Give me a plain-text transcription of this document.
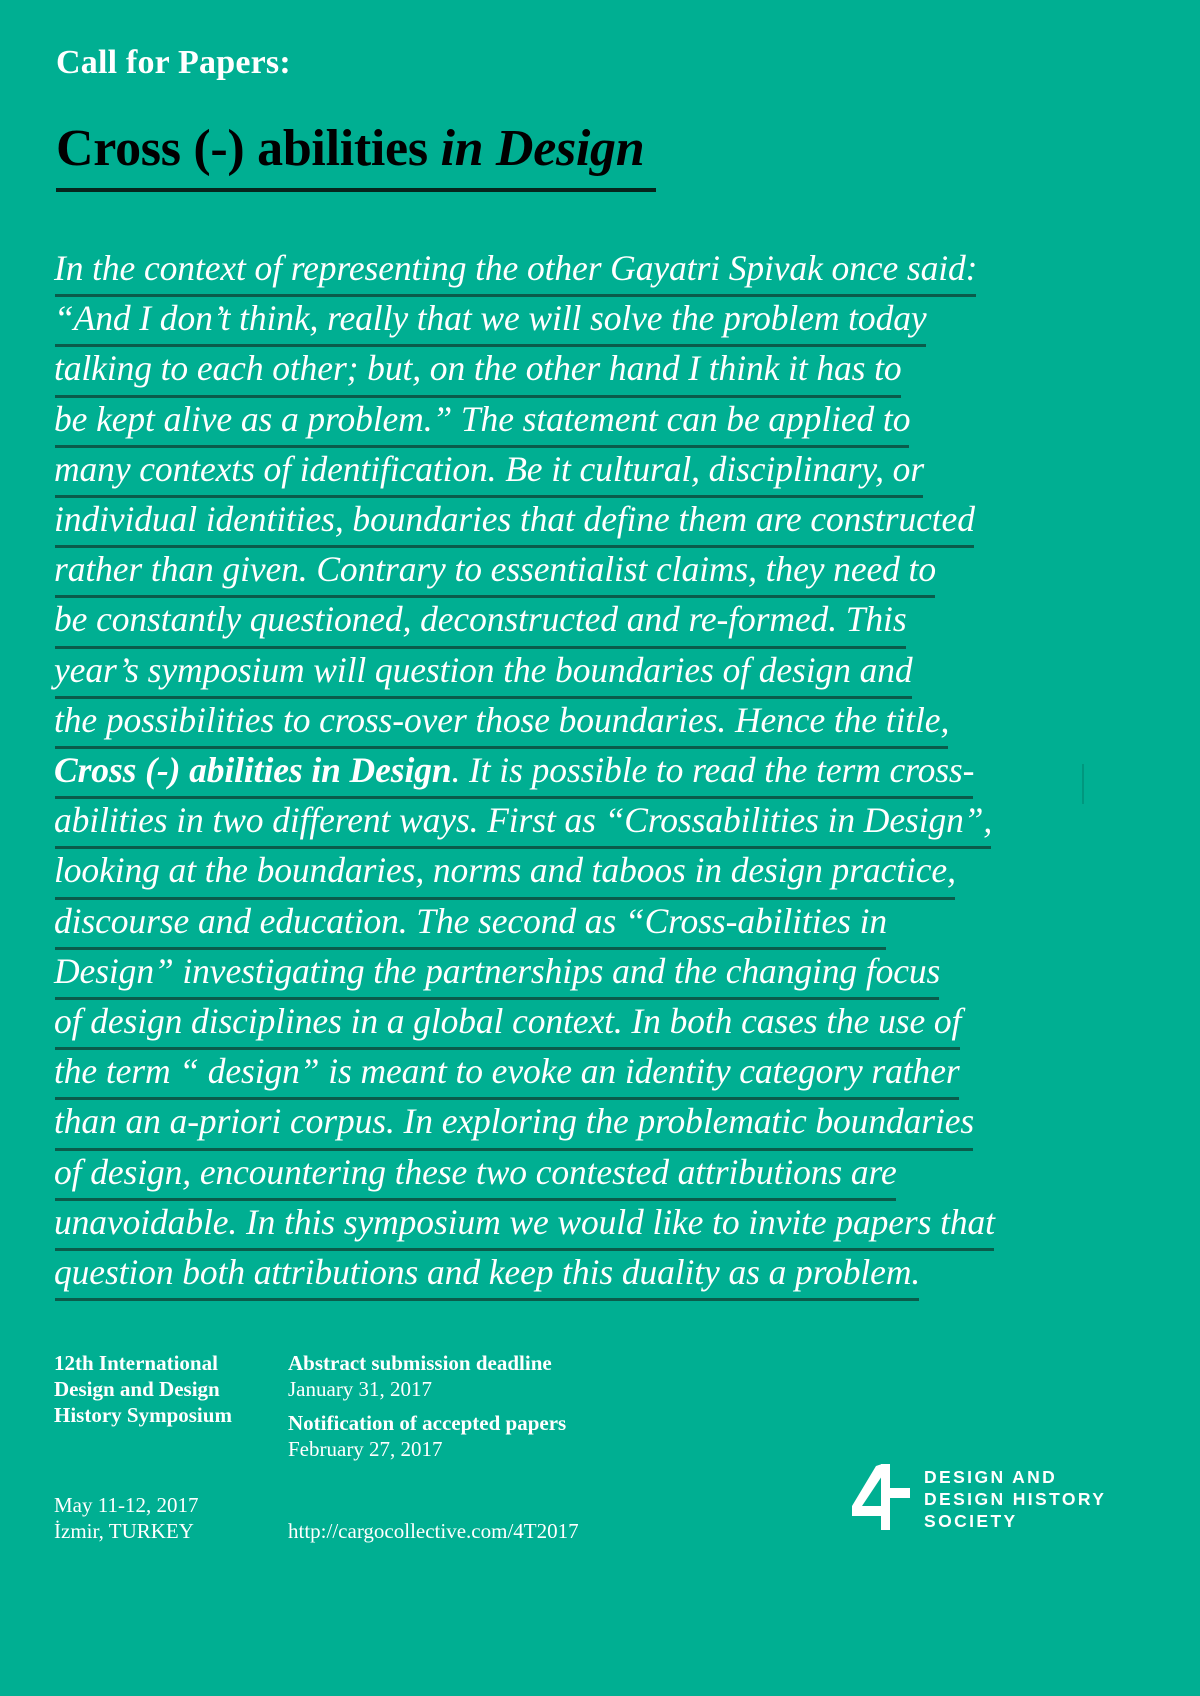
Call for Papers:
Cross (-) abilities in Design
In the context of representing the other Gayatri Spivak once said:
“And I don’t think, really that we will solve the problem today
talking to each other; but, on the other hand I think it has to
be kept alive as a problem.” The statement can be applied to
many contexts of identification. Be it cultural, disciplinary, or
individual identities, boundaries that define them are constructed
rather than given. Contrary to essentialist claims, they need to
be constantly questioned, deconstructed and re-formed. This
year’s symposium will question the boundaries of design and
the possibilities to cross-over those boundaries. Hence the title,
Cross (-) abilities in Design. It is possible to read the term cross-
abilities in two different ways. First as “Crossabilities in Design”,
looking at the boundaries, norms and taboos in design practice,
discourse and education. The second as “Cross-abilities in
Design” investigating the partnerships and the changing focus
of design disciplines in a global context. In both cases the use of
the term “ design” is meant to evoke an identity category rather
than an a-priori corpus. In exploring the problematic boundaries
of design, encountering these two contested attributions are
unavoidable. In this symposium we would like to invite papers that
question both attributions and keep this duality as a problem.
12th International
Design and Design
History Symposium
May 11-12, 2017
İzmir, TURKEY
Abstract submission deadline
January 31, 2017
Notification of accepted papers
February 27, 2017
http://cargocollective.com/4T2017
DESIGN AND
DESIGN HISTORY
SOCIETY
